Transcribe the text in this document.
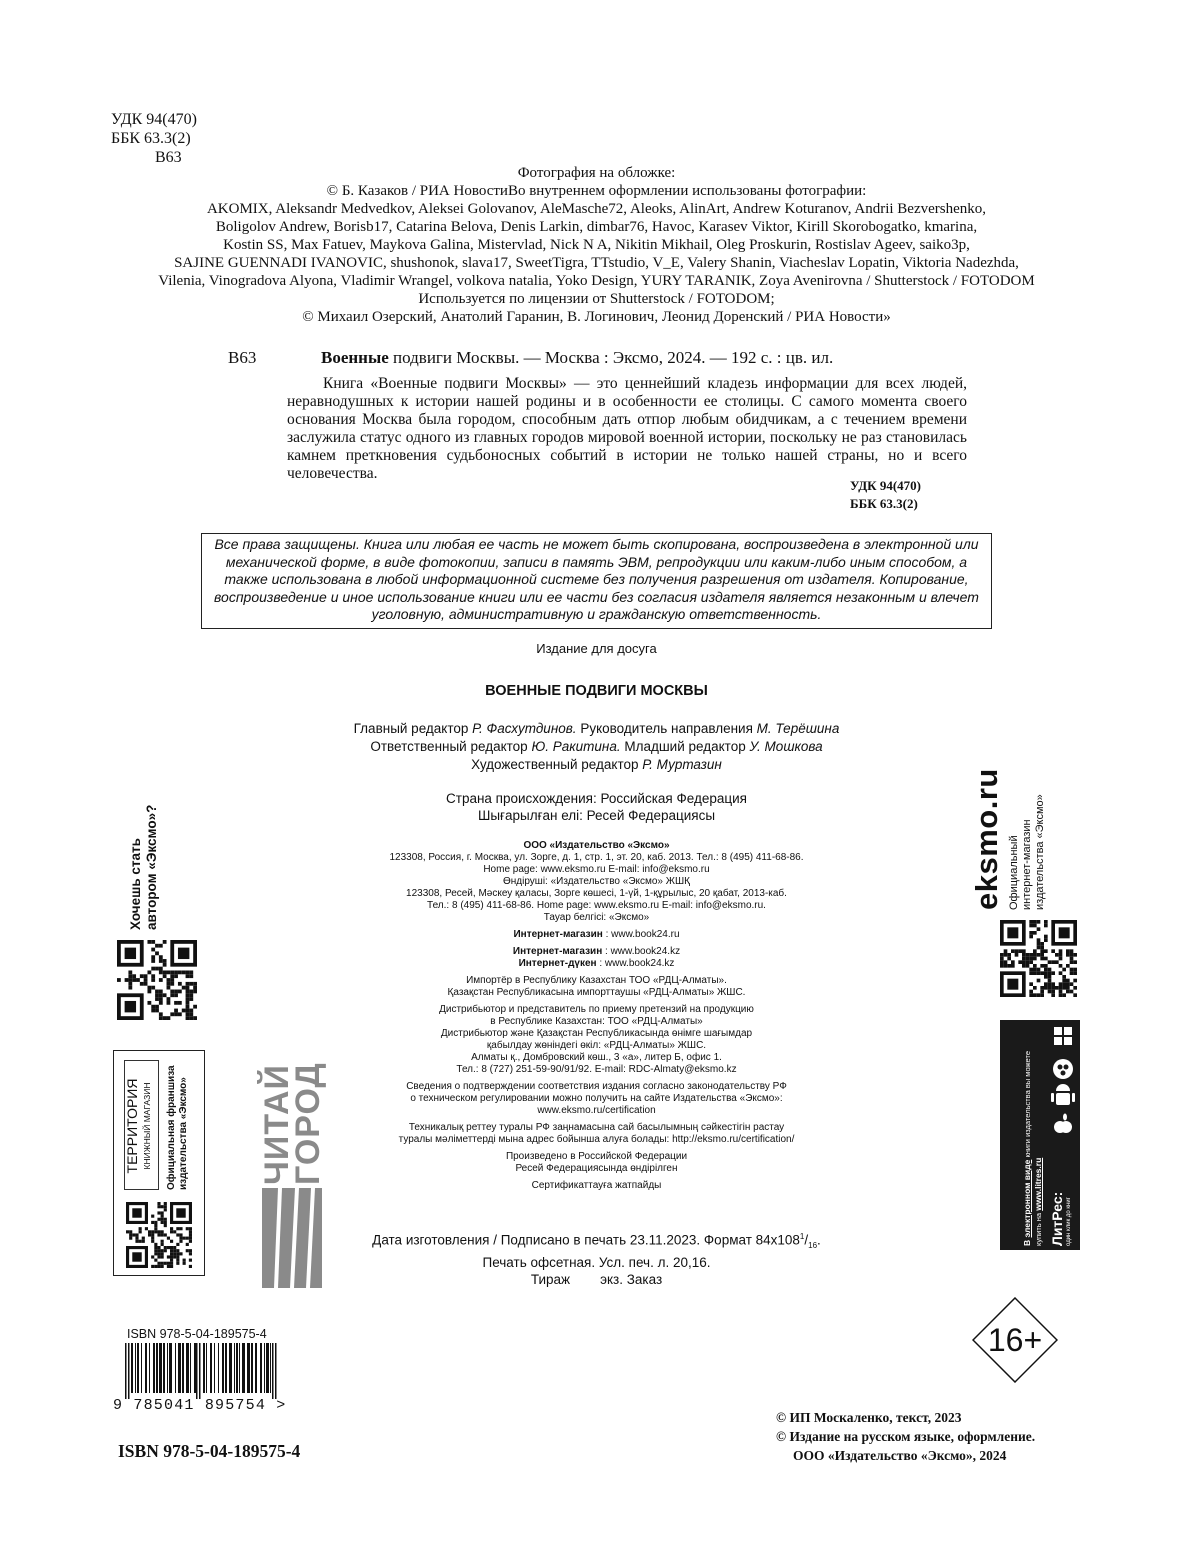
УДК 94(470)
ББК 63.3(2)
В63
Фотография на обложке:
© Б. Казаков / РИА НовостиВо внутреннем оформлении использованы фотографии:
AKOMIX, Aleksandr Medvedkov, Aleksei Golovanov, AleMasche72, Aleoks, AlinArt, Andrew Koturanov, Andrii Bezvershenko,
Boligolov Andrew, Borisb17, Catarina Belova, Denis Larkin, dimbar76, Havoc, Karasev Viktor, Kirill Skorobogatko, kmarina,
Kostin SS, Max Fatuev, Maykova Galina, Mistervlad, Nick N A, Nikitin Mikhail, Oleg Proskurin, Rostislav Ageev, saiko3p,
SAJINE GUENNADI IVANOVIC, shushonok, slava17, SweetTigra, TTstudio, V_E, Valery Shanin, Viacheslav Lopatin, Viktoria Nadezhda,
Vilenia, Vinogradova Alyona, Vladimir Wrangel, volkova natalia, Yoko Design, YURY TARANIK, Zoya Avenirovna / Shutterstock / FOTODOM
Используется по лицензии от Shutterstock / FOTODOM;
© Михаил Озерский, Анатолий Гаранин, В. Логинович, Леонид Доренский / РИА Новости»
В63	Военные подвиги Москвы. — Москва : Эксмо, 2024. — 192 с. : цв. ил.
Книга «Военные подвиги Москвы» — это ценнейший кладезь информации для всех людей, неравнодушных к истории нашей родины и в особенности ее столицы. С самого момента своего основания Москва была городом, способным дать отпор любым обидчикам, а с течением времени заслужила статус одного из главных городов мировой военной истории, поскольку не раз становилась камнем преткновения судьбоносных событий в истории не только нашей страны, но и всего человечества.
УДК 94(470)
ББК 63.3(2)
Все права защищены. Книга или любая ее часть не может быть скопирована, воспроизведена в электронной или механической форме, в виде фотокопии, записи в память ЭВМ, репродукции или каким-либо иным способом, а также использована в любой информационной системе без получения разрешения от издателя. Копирование, воспроизведение и иное использование книги или ее части без согласия издателя является незаконным и влечет уголовную, административную и гражданскую ответственность.
Издание для досуга
ВОЕННЫЕ ПОДВИГИ МОСКВЫ
Главный редактор Р. Фасхутдинов. Руководитель направления М. Терёшина
Ответственный редактор Ю. Ракитина. Младший редактор У. Мошкова
Художественный редактор Р. Муртазин
Страна происхождения: Российская Федерация
Шығарылған елі: Ресей Федерациясы
ООО «Издательство «Эксмо»
123308, Россия, г. Москва, ул. Зорге, д. 1, стр. 1, эт. 20, каб. 2013. Тел.: 8 (495) 411-68-86.
Home page: www.eksmo.ru E-mail: info@eksmo.ru
Өндіруші: «Издательство «Эксмо» ЖШҚ
123308, Ресей, Мәскеу қаласы, Зорге көшесі, 1-үй, 1-құрылыс, 20 қабат, 2013-каб.
Тел.: 8 (495) 411-68-86. Home page: www.eksmo.ru E-mail: info@eksmo.ru.
Тауар белгісі: «Эксмо»
Интернет-магазин : www.book24.ru
Интернет-магазин : www.book24.kz
Интернет-дүкен : www.book24.kz
Импортёр в Республику Казахстан ТОО «РДЦ-Алматы».
Қазақстан Республикасына импорттаушы «РДЦ-Алматы» ЖШС.
Дистрибьютор и представитель по приему претензий на продукцию
в Республике Казахстан: ТОО «РДЦ-Алматы»
Дистрибьютор және Қазақстан Республикасында өнімге шағымдар
қабылдау жөніндегі өкіл: «РДЦ-Алматы» ЖШС.
Алматы қ., Домбровский көш., 3 «а», литер Б, офис 1.
Тел.: 8 (727) 251-59-90/91/92. E-mail: RDC-Almaty@eksmo.kz
Сведения о подтверждении соответствия издания согласно законодательству РФ
о техническом регулировании можно получить на сайте Издательства «Эксмо»:
www.eksmo.ru/certification
Техникалық реттеу туралы РФ заңнамасына сай басылымның сәйкестігін растау
туралы мәліметтерді мына адрес бойынша алуға болады: http://eksmo.ru/certification/
Произведено в Российской Федерации
Ресей Федерациясында өндірілген
Сертификаттауға жатпайды
Дата изготовления / Подписано в печать 23.11.2023. Формат $84x108^1/_{16}$.
Печать офсетная. Усл. печ. л. 20,16.
Тираж        экз. Заказ
Хочешь стать автором «Эксмо»?
ТЕРРИТОРИЯ КНИЖНЫЙ МАГАЗИН	Официальная франшиза издательства «Эксмо» ЧИТАЙ
ГОРОД
eksmo.ru Официальный интернет-магазин издательства «Эксмо»
В электронном виде книги издательства вы можете
купить на www.litres.ru
ЛитРес: один клик до книг
16+
ISBN 978-5-04-189575-4
9 785041 895754 >
ISBN 978-5-04-189575-4
© ИП Москаленко, текст, 2023
© Издание на русском языке, оформление.
ООО «Издательство «Эксмо», 2024
